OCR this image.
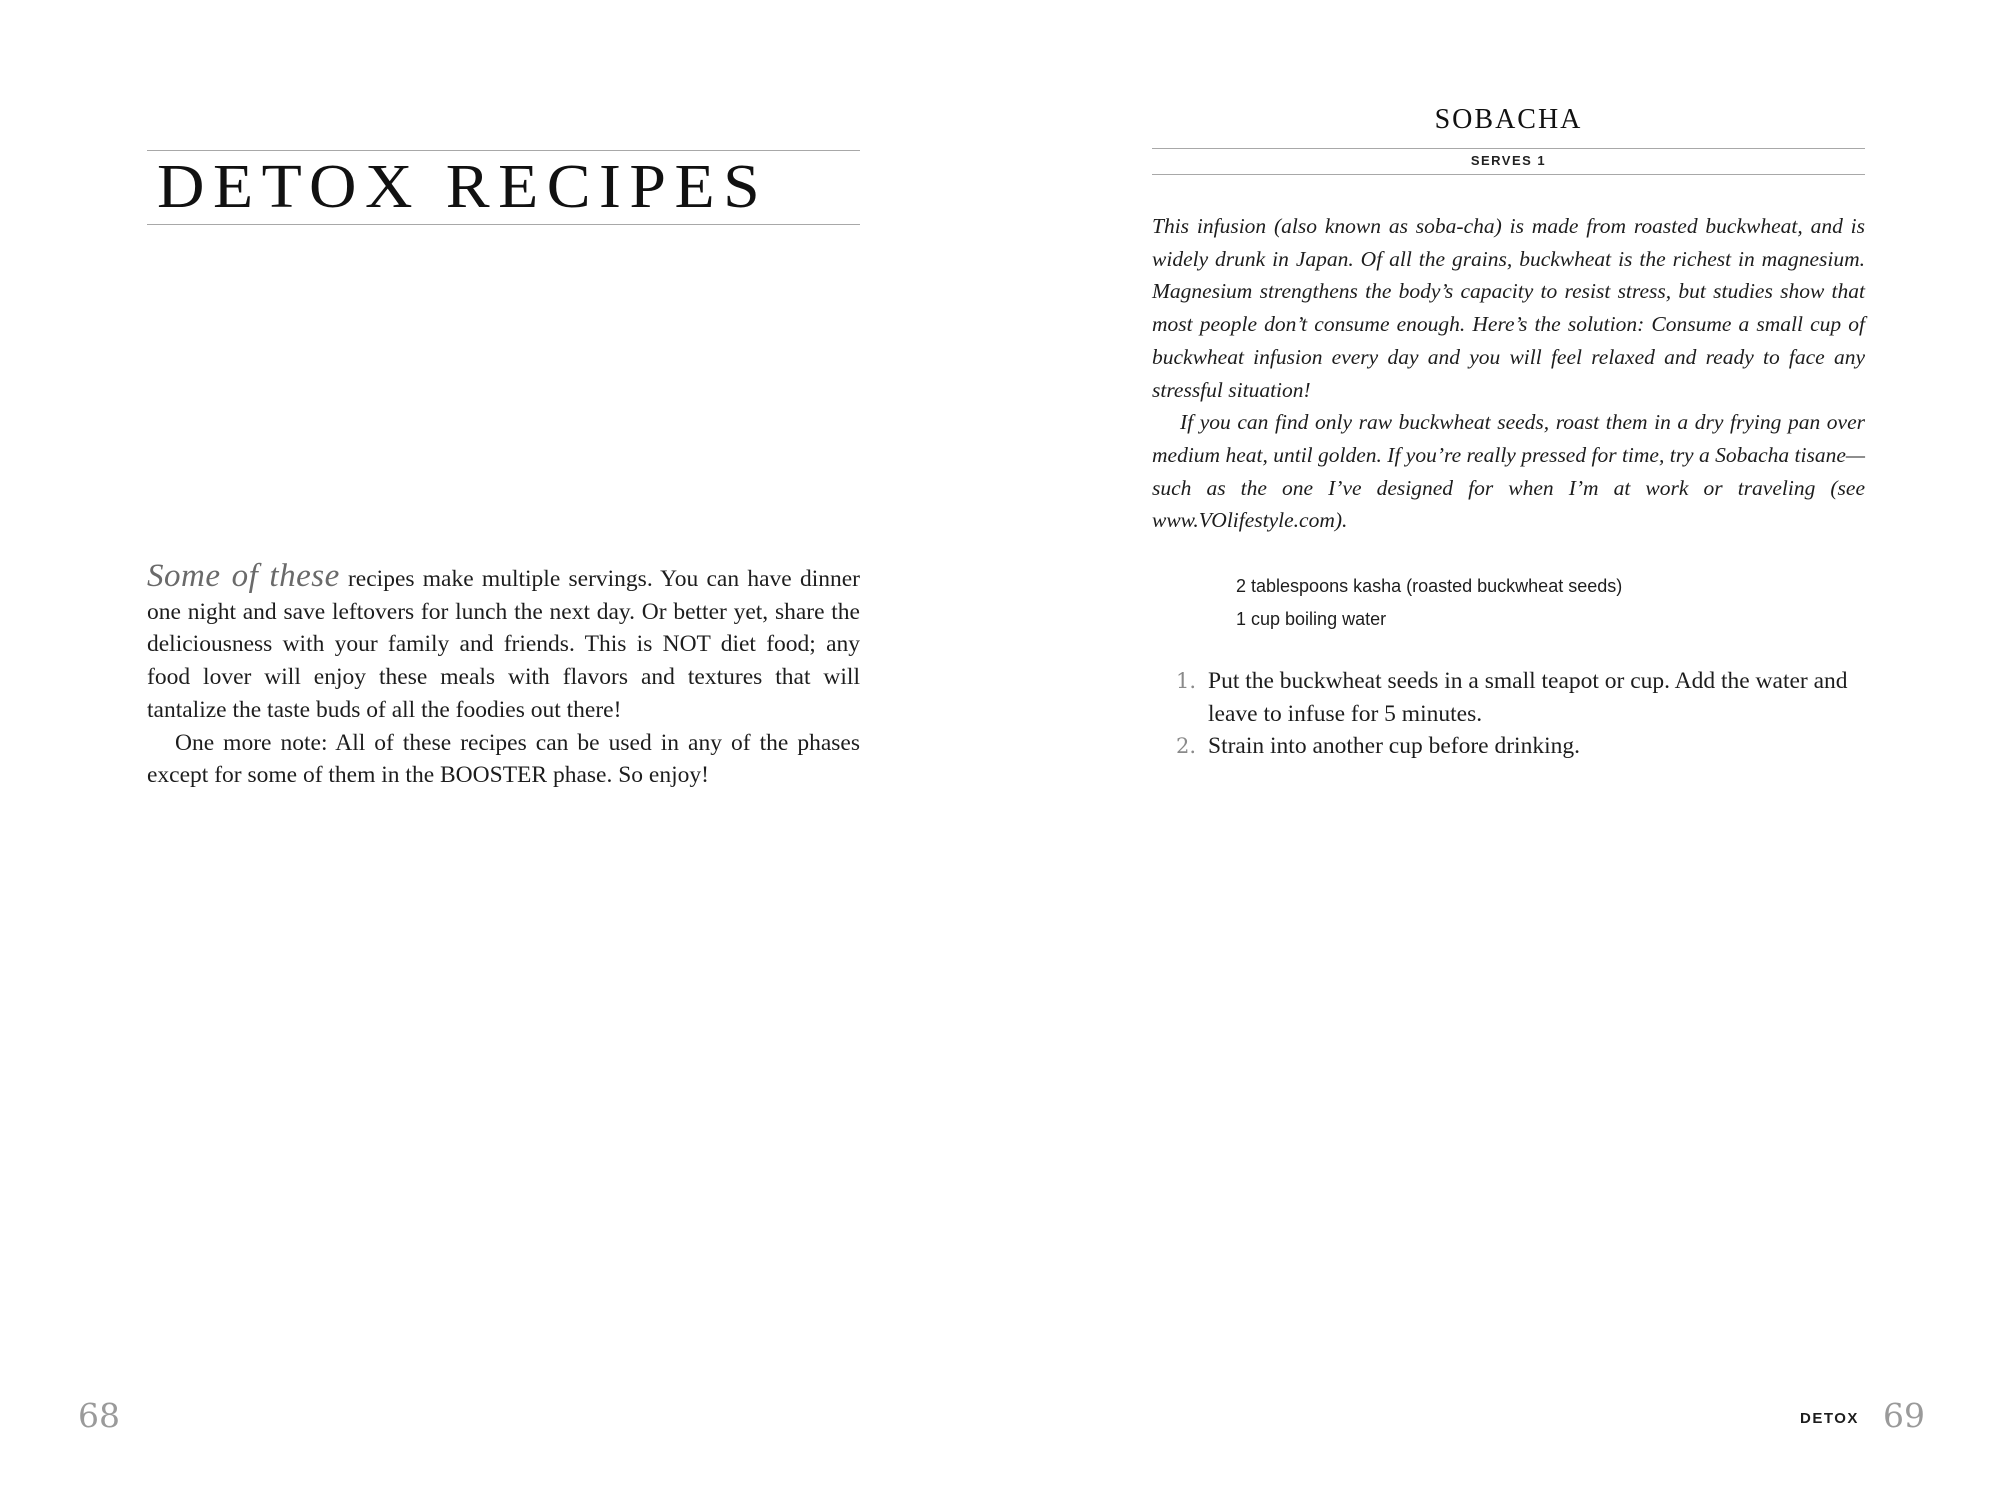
DETOX RECIPES

Some of these recipes make multiple servings. You can have dinner one night and save leftovers for lunch the next day. Or better yet, share the deliciousness with your family and friends. This is NOT diet food; any food lover will enjoy these meals with flavors and textures that will tantalize the taste buds of all the foodies out there!

One more note: All of these recipes can be used in any of the phases except for some of them in the BOOSTER phase. So enjoy!

68
SOBACHA
SERVES 1

This infusion (also known as soba-cha) is made from roasted buckwheat, and is widely drunk in Japan. Of all the grains, buckwheat is the richest in magnesium. Magnesium strengthens the body’s capacity to resist stress, but studies show that most people don’t consume enough. Here’s the solution: Consume a small cup of buckwheat infusion every day and you will feel relaxed and ready to face any stressful situation!

If you can find only raw buckwheat seeds, roast them in a dry frying pan over medium heat, until golden. If you’re really pressed for time, try a Sobacha tisane—such as the one I’ve designed for when I’m at work or traveling (see www.VOlifestyle.com).

2 tablespoons kasha (roasted buckwheat seeds)
1 cup boiling water
1. Put the buckwheat seeds in a small teapot or cup. Add the water and leave to infuse for 5 minutes.
2. Strain into another cup before drinking.
DETOX 69
